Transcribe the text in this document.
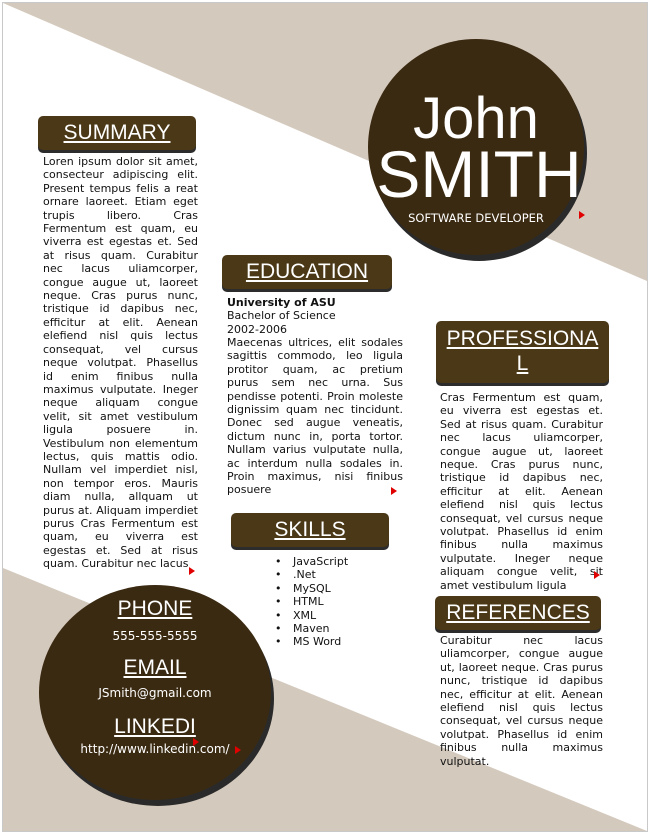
John
SMITH
SOFTWARE DEVELOPER
SUMMARY
Loren ipsum dolor sit amet, consecteur adipiscing elit. Present tempus felis a reat ornare laoreet. Etiam eget trupis libero. Cras Fermentum est quam, eu viverra est egestas et. Sed at risus quam. Curabitur nec lacus uliamcorper, congue augue ut, laoreet neque. Cras purus nunc, tristique id dapibus nec, efficitur at elit. Aenean elefiend nisl quis lectus consequat, vel cursus neque volutpat. Phasellus id enim finibus nulla maximus vulputate. Ineger neque aliquam congue velit, sit amet vestibulum ligula posuere in. Vestibulum non elementum lectus, quis mattis odio. Nullam vel imperdiet nisl, non tempor eros. Mauris diam nulla, allquam ut purus at. Aliquam imperdiet purus Cras Fermentum est quam, eu viverra est egestas et. Sed at risus quam. Curabitur nec lacus
EDUCATION
University of ASU
Bachelor of Science
2002-2006
Maecenas ultrices, elit sodales sagittis commodo, leo ligula protitor quam, ac pretium purus sem nec urna. Sus pendisse potenti. Proin moleste dignissim quam nec tincidunt. Donec sed augue veneatis, dictum nunc in, porta tortor. Nullam varius vulputate nulla, ac interdum nulla sodales in. Proin maximus, nisi finibus posuere
SKILLS
• JavaScript
• .Net
• MySQL
• HTML
• XML
• Maven
• MS Word
PROFESSIONAL
Cras Fermentum est quam, eu viverra est egestas et. Sed at risus quam. Curabitur nec lacus uliamcorper, congue augue ut, laoreet neque. Cras purus nunc, tristique id dapibus nec, efficitur at elit. Aenean elefiend nisl quis lectus consequat, vel cursus neque volutpat. Phasellus id enim finibus nulla maximus vulputate. Ineger neque aliquam congue velit, sit amet vestibulum ligula
REFERENCES
Curabitur nec lacus uliamcorper, congue augue ut, laoreet neque. Cras purus nunc, tristique id dapibus nec, efficitur at elit. Aenean elefiend nisl quis lectus consequat, vel cursus neque volutpat. Phasellus id enim finibus nulla maximus vulputat.
PHONE
555-555-5555
EMAIL
JSmith@gmail.com
LINKEDI
http://www.linkedin.com/
